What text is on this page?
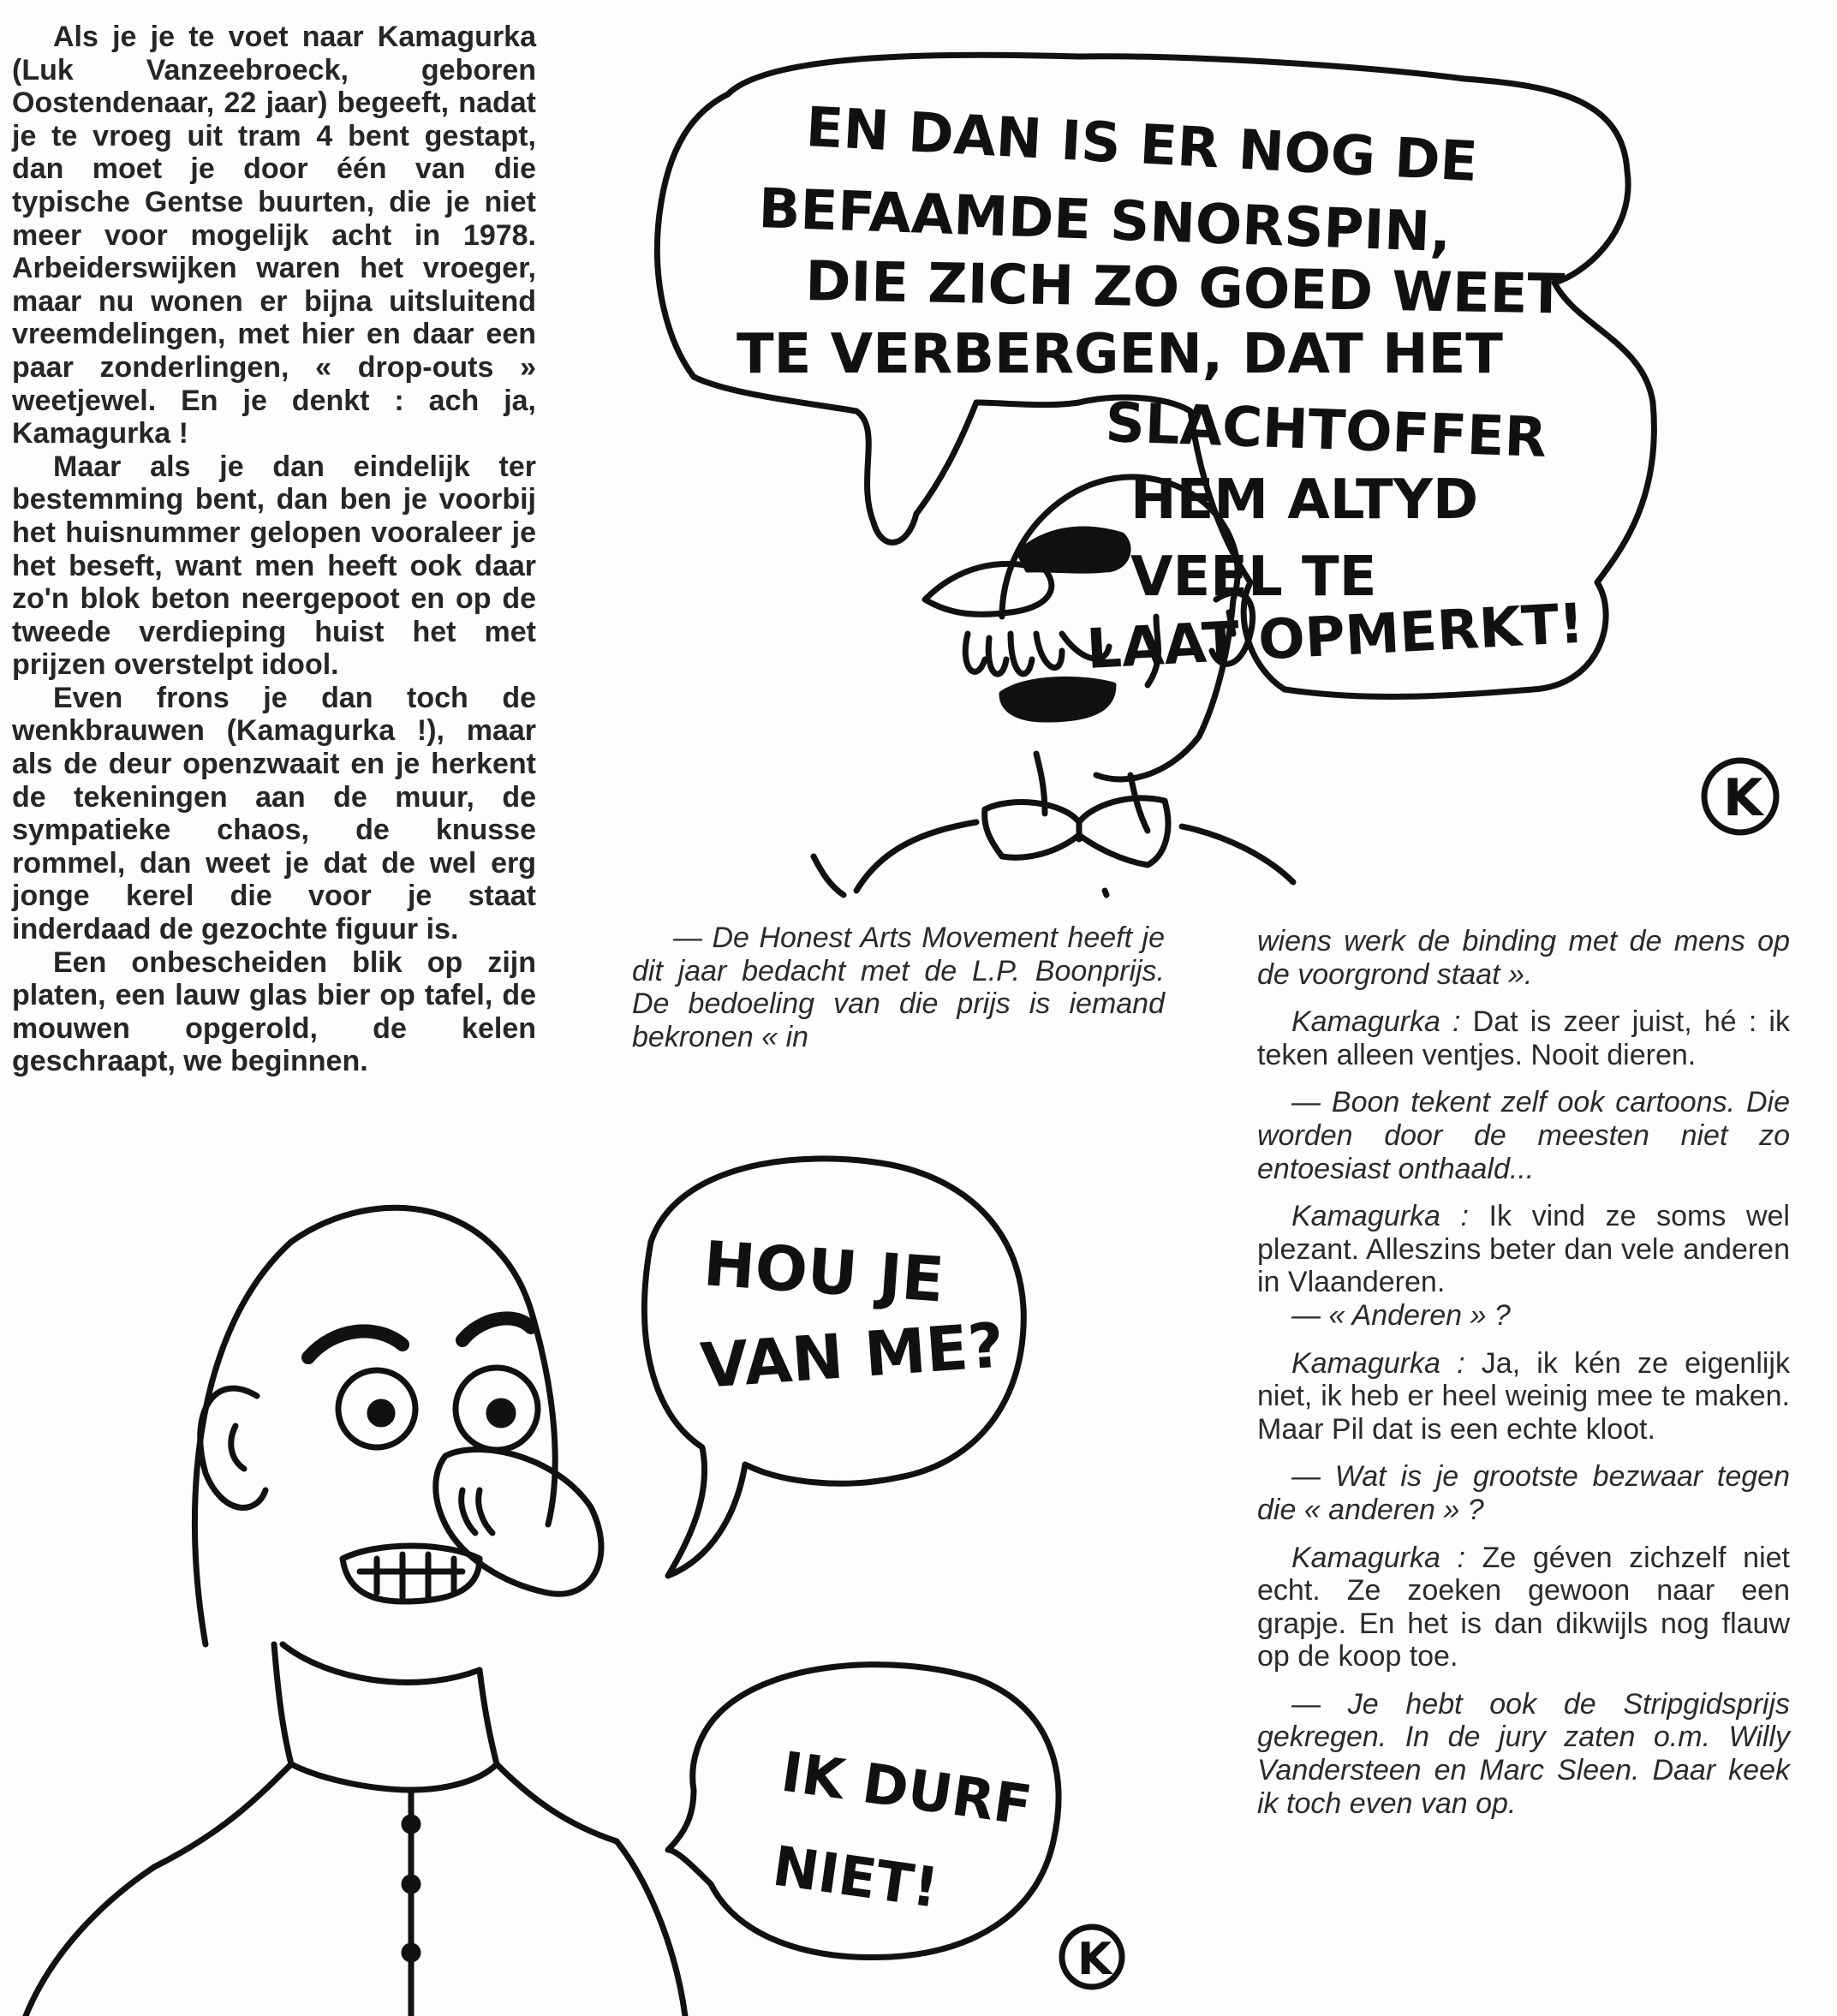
Als je je te voet naar Kamagurka (Luk Vanzeebroeck, geboren Oostendenaar, 22 jaar) begeeft, nadat je te vroeg uit tram 4 bent gestapt, dan moet je door één van die typische Gentse buurten, die je niet meer voor mogelijk acht in 1978. Arbeiderswijken waren het vroeger, maar nu wonen er bijna uitsluitend vreemdelingen, met hier en daar een paar zonderlingen, « drop-outs » weetjewel. En je denkt : ach ja, Kamagurka !

Maar als je dan eindelijk ter bestemming bent, dan ben je voorbij het huisnummer gelopen vooraleer je het beseft, want men heeft ook daar zo'n blok beton neergepoot en op de tweede verdieping huist het met prijzen overstelpt idool.

Even frons je dan toch de wenkbrauwen (Kamagurka !), maar als de deur openzwaait en je herkent de tekeningen aan de muur, de sympatieke chaos, de knusse rommel, dan weet je dat de wel erg jonge kerel die voor je staat inderdaad de gezochte figuur is.

Een onbescheiden blik op zijn platen, een lauw glas bier op tafel, de mouwen opgerold, de kelen geschraapt, we beginnen.

EN DAN IS ER NOG DE
BEFAAMDE SNORSPIN,
DIE ZICH ZO GOED WEET
TE VERBERGEN, DAT HET
SLACHTOFFER
HEM ALTYD
VEEL TE
LAAT OPMERKT!
K
— De Honest Arts Movement heeft je dit jaar bedacht met de L.P. Boonprijs. De bedoeling van die prijs is iemand bekronen « in

wiens werk de binding met de mens op de voorgrond staat ».

Kamagurka : Dat is zeer juist, hé : ik teken alleen ventjes. Nooit dieren.

— Boon tekent zelf ook cartoons. Die worden door de meesten niet zo entoesiast onthaald...

Kamagurka : Ik vind ze soms wel plezant. Alleszins beter dan vele anderen in Vlaanderen.

— « Anderen » ?

Kamagurka : Ja, ik kén ze eigenlijk niet, ik heb er heel weinig mee te maken. Maar Pil dat is een echte kloot.

— Wat is je grootste bezwaar tegen die « anderen » ?

Kamagurka : Ze géven zichzelf niet echt. Ze zoeken gewoon naar een grapje. En het is dan dikwijls nog flauw op de koop toe.

— Je hebt ook de Stripgidsprijs gekregen. In de jury zaten o.m. Willy Vandersteen en Marc Sleen. Daar keek ik toch even van op.

HOU JE
VAN ME?
IK DURF
NIET!
K
